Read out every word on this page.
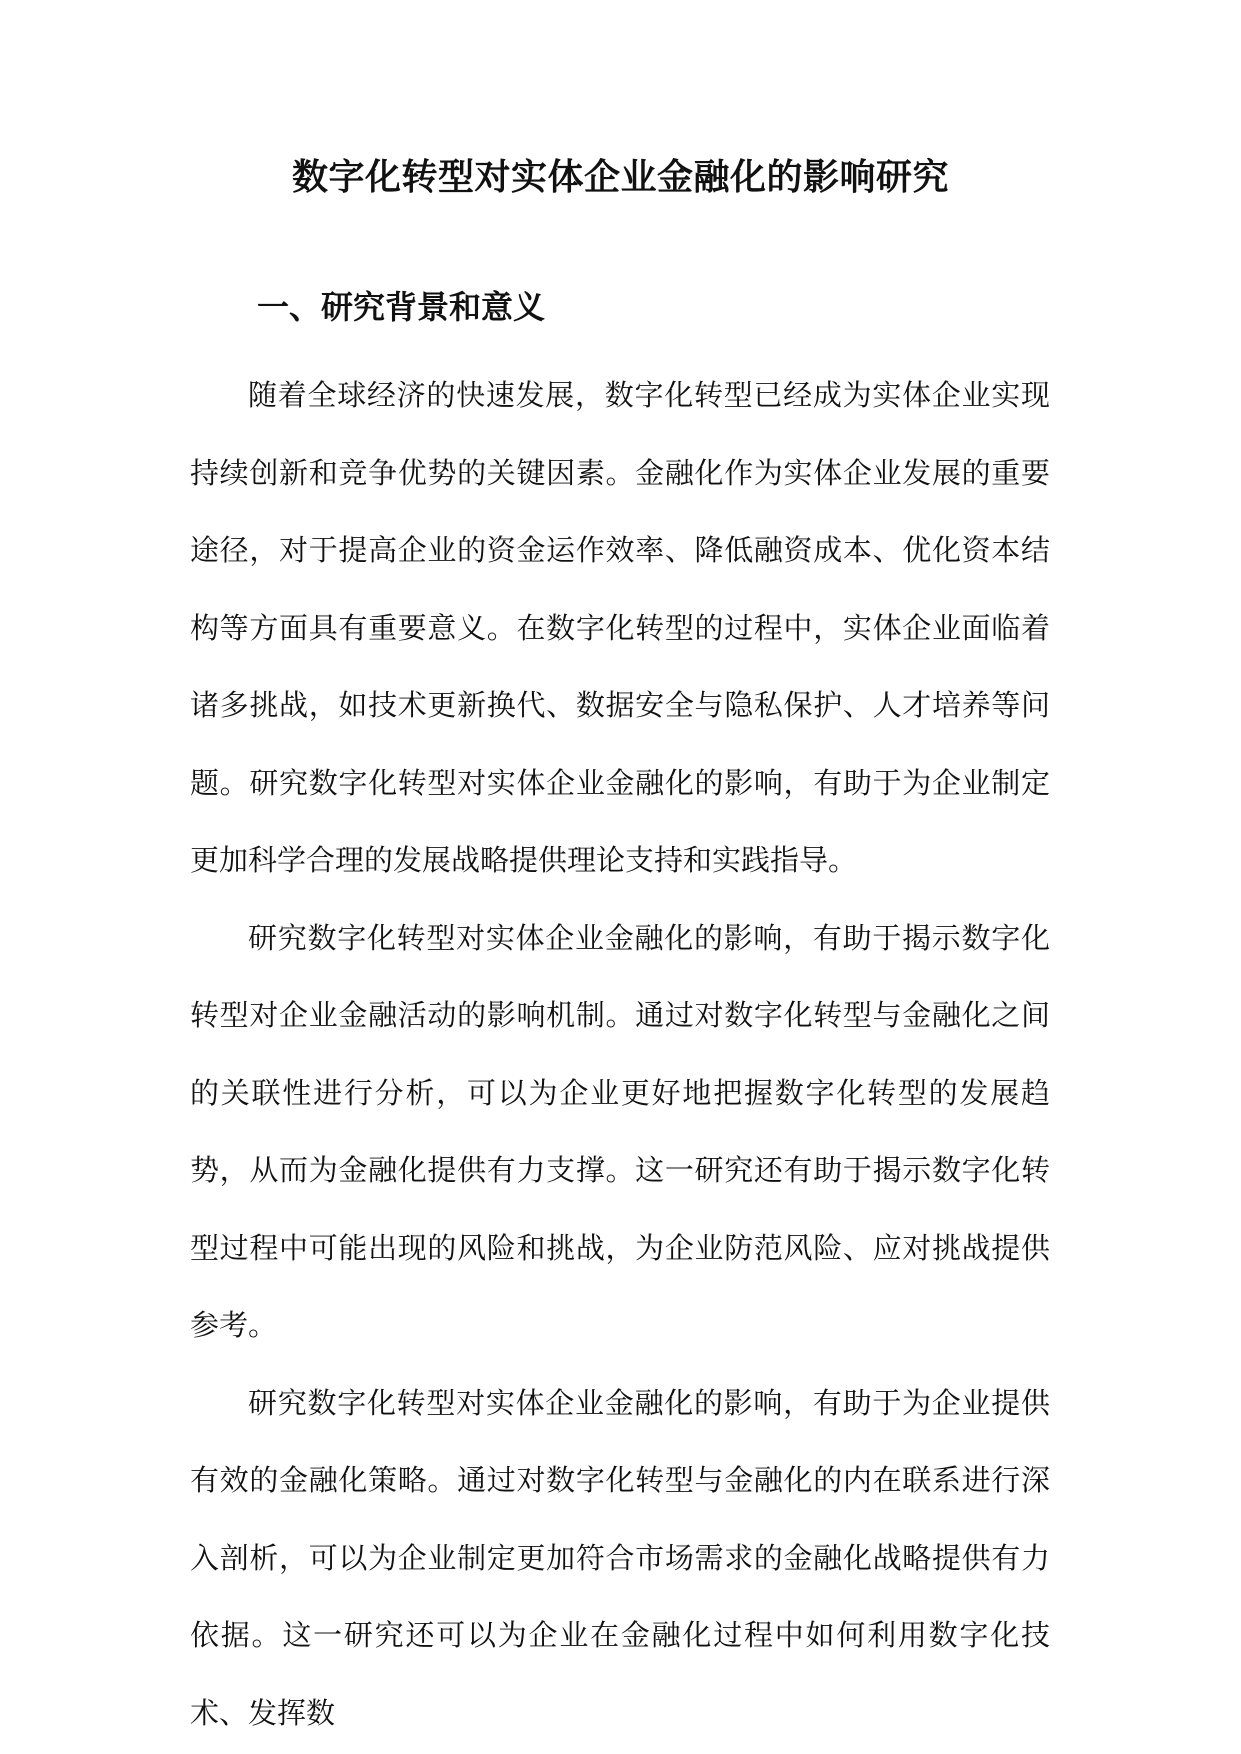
数字化转型对实体企业金融化的影响研究
一、研究背景和意义

随着全球经济的快速发展，数字化转型已经成为实体企业实现持续创新和竞争优势的关键因素。金融化作为实体企业发展的重要途径，对于提高企业的资金运作效率、降低融资成本、优化资本结构等方面具有重要意义。在数字化转型的过程中，实体企业面临着诸多挑战，如技术更新换代、数据安全与隐私保护、人才培养等问题。研究数字化转型对实体企业金融化的影响，有助于为企业制定更加科学合理的发展战略提供理论支持和实践指导。

研究数字化转型对实体企业金融化的影响，有助于揭示数字化转型对企业金融活动的影响机制。通过对数字化转型与金融化之间的关联性进行分析，可以为企业更好地把握数字化转型的发展趋势，从而为金融化提供有力支撑。这一研究还有助于揭示数字化转型过程中可能出现的风险和挑战，为企业防范风险、应对挑战提供参考。

研究数字化转型对实体企业金融化的影响，有助于为企业提供有效的金融化策略。通过对数字化转型与金融化的内在联系进行深入剖析，可以为企业制定更加符合市场需求的金融化战略提供有力依据。这一研究还可以为企业在金融化过程中如何利用数字化技术、发挥数
